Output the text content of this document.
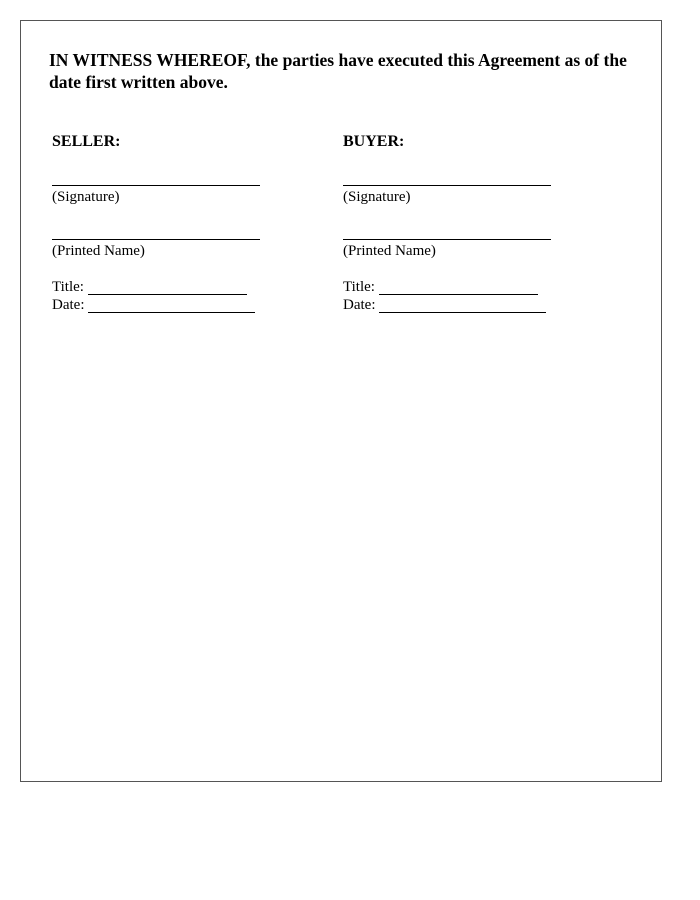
IN WITNESS WHEREOF, the parties have executed this Agreement as of the date first written above.

SELLER:

(Signature)

(Printed Name)

Title:
Date:

BUYER:

(Signature)

(Printed Name)

Title:
Date:
